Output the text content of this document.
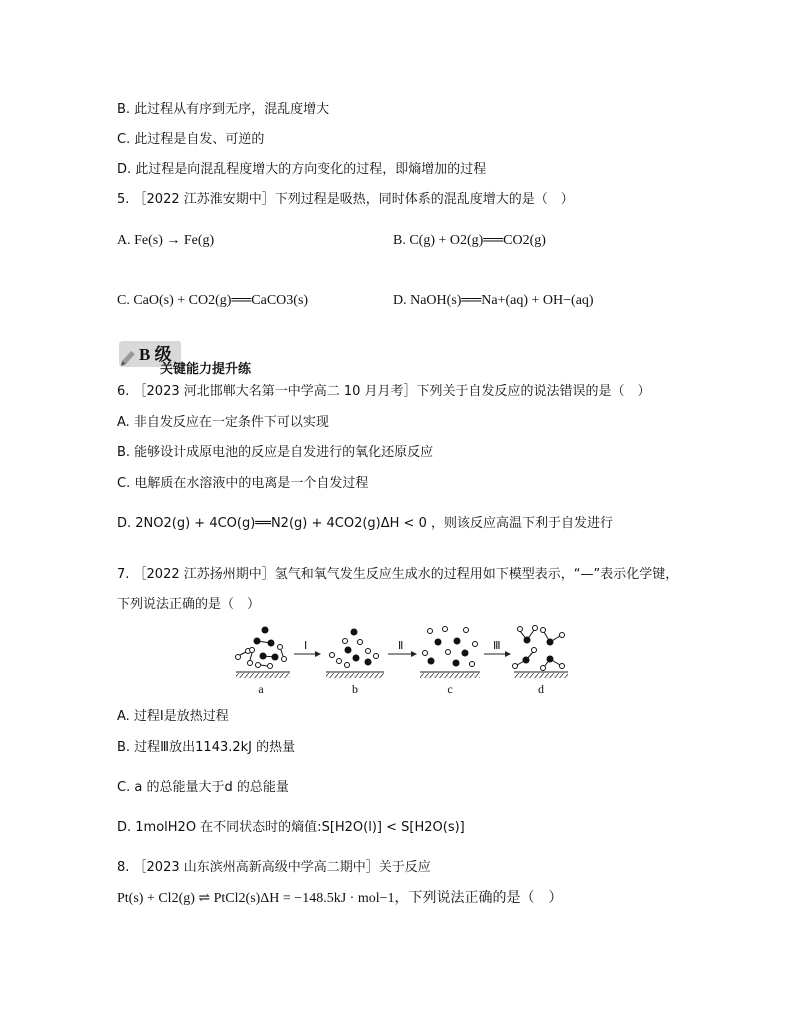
B. 此过程从有序到无序，混乱度增大
C. 此过程是自发、可逆的
D. 此过程是向混乱程度增大的方向变化的过程，即熵增加的过程
5. ［2022 江苏淮安期中］下列过程是吸热，同时体系的混乱度增大的是（　）
A. Fe(s) → Fe(g)	B. C(g) + O2(g)══CO2(g)
C. CaO(s) + CO2(g)══CaCO3(s)	D. NaOH(s)══Na+(aq) + OH−(aq)
B 级
关键能力提升练
6. ［2023 河北邯郸大名第一中学高二 10 月月考］下列关于自发反应的说法错误的是（　）
A. 非自发反应在一定条件下可以实现
B. 能够设计成原电池的反应是自发进行的氧化还原反应
C. 电解质在水溶液中的电离是一个自发过程
D. 2NO2(g) + 4CO(g)══N2(g) + 4CO2(g)ΔH < 0 ，则该反应高温下利于自发进行
7. ［2022 江苏扬州期中］氢气和氧气发生反应生成水的过程用如下模型表示，“—”表示化学键，
下列说法正确的是（　）
Ⅰ	Ⅱ	Ⅲ
a	b	c	d
A. 过程Ⅰ是放热过程
B. 过程Ⅲ放出1143.2kJ 的热量
C. a 的总能量大于d 的总能量
D. 1molH2O 在不同状态时的熵值:S[H2O(l)] < S[H2O(s)]
8. ［2023 山东滨州高新高级中学高二期中］关于反应
Pt(s) + Cl2(g) ⇌ PtCl2(s)ΔH = −148.5kJ · mol−1，下列说法正确的是（　）
